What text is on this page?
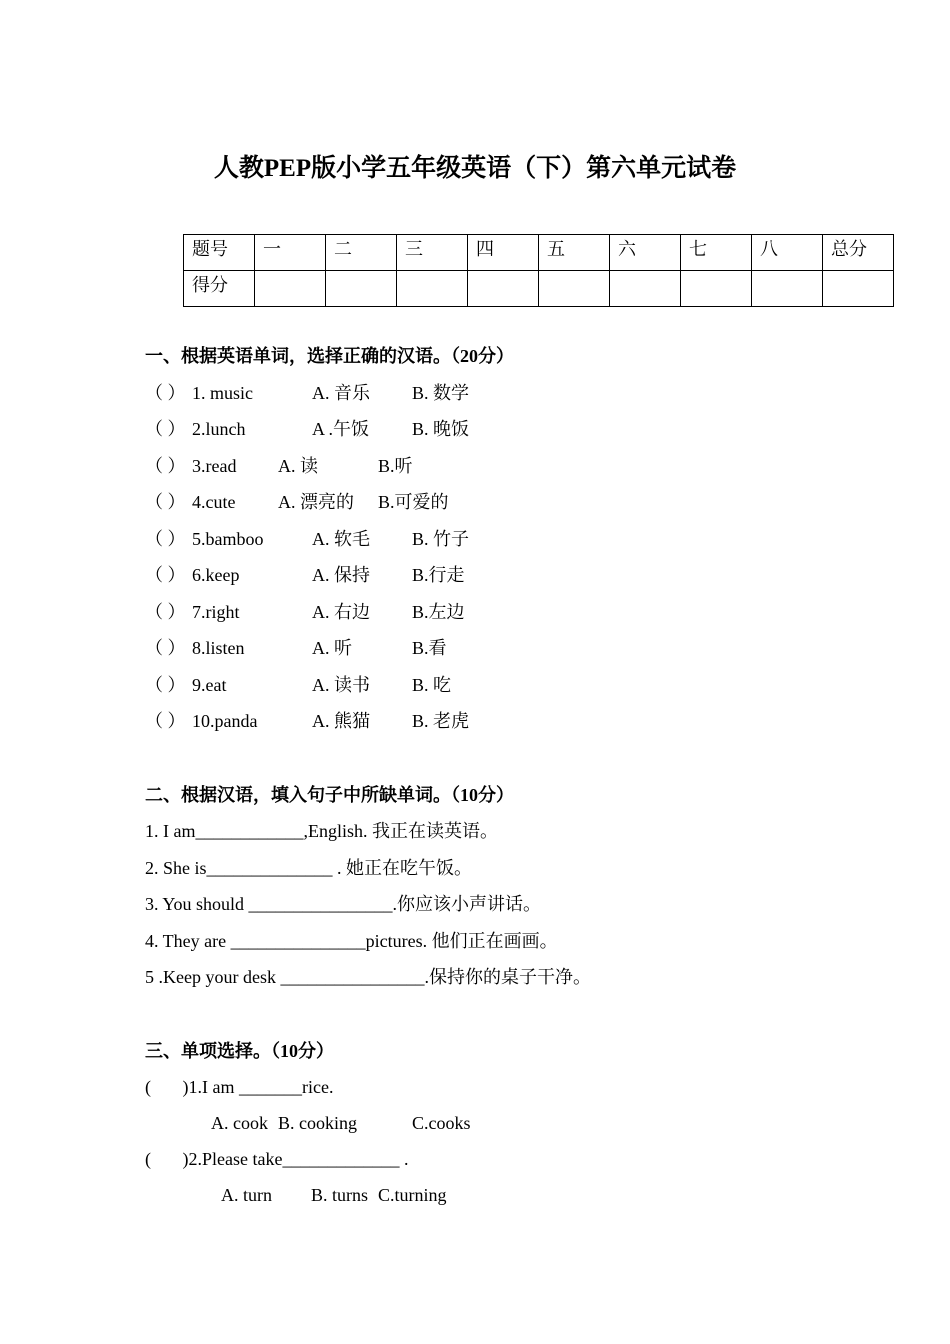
人教PEP版小学五年级英语（下）第六单元试卷
题号	一	二	三	四	五	六	七	八	总分
得分									
一、根据英语单词，选择正确的汉语。（20分）
（ ） 1. music	A. 音乐 B. 数学
（ ） 2.lunch	A .午饭 B. 晚饭
（ ） 3.read A. 读	B.听
（ ） 4.cute A. 漂亮的 B.可爱的
（ ） 5.bamboo	A. 软毛 B. 竹子
（ ） 6.keep	A. 保持 B.行走
（ ） 7.right	A. 右边 B.左边
（ ） 8.listen	A. 听	B.看
（ ） 9.eat	A. 读书 B. 吃
（ ） 10.panda	A. 熊猫 B. 老虎
二、根据汉语，填入句子中所缺单词。（10分）
1. I am____________,English. 我正在读英语。
2. She is______________ . 她正在吃午饭。
3. You should ________________.你应该小声讲话。
4. They are _______________pictures. 他们正在画画。
5 .Keep your desk ________________.保持你的桌子干净。
三、单项选择。（10分）
(       )1.I am _______rice.
A. cook B. cooking	C.cooks
(       )2.Please take_____________ .
A. turn B. turns C.turning
